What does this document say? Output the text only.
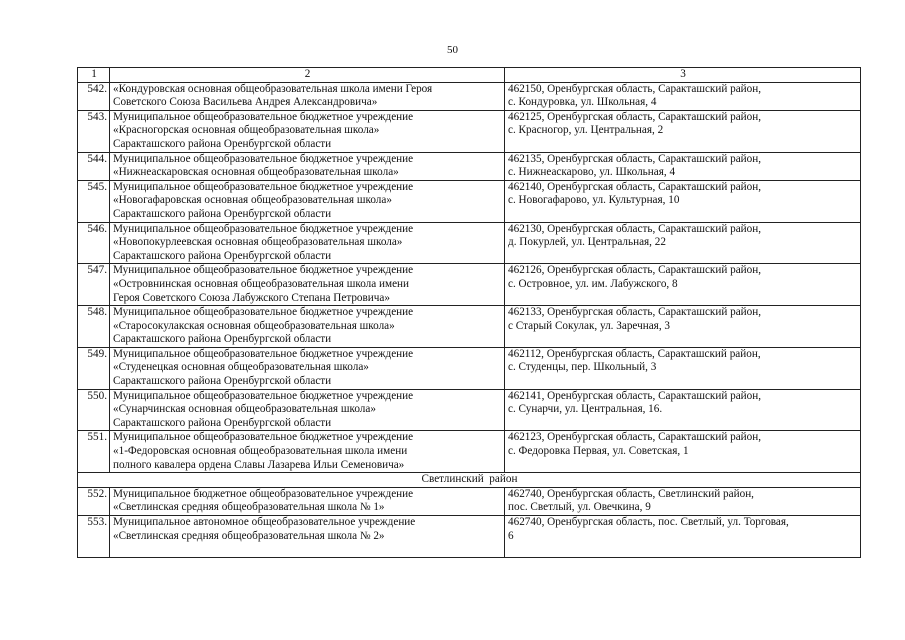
50
1	2	3
542.	«Кондуровская основная общеобразовательная школа имени Героя
Советского Союза Васильева Андрея Александровича»	462150, Оренбургская область, Саракташский район,
с. Кондуровка, ул. Школьная, 4

543.	Муниципальное общеобразовательное бюджетное учреждение
«Красногорская основная общеобразовательная школа»
Саракташского района Оренбургской области	462125, Оренбургская область, Саракташский район,
с. Красногор, ул. Центральная, 2

544.	Муниципальное общеобразовательное бюджетное учреждение
«Нижнеаскаровская основная общеобразовательная школа»	462135, Оренбургская область, Саракташский район,
с. Нижнеаскарово, ул. Школьная, 4

545.	Муниципальное общеобразовательное бюджетное учреждение
«Новогафаровская основная общеобразовательная школа»
Саракташского района Оренбургской области	462140, Оренбургская область, Саракташский район,
с. Новогафарово, ул. Культурная, 10

546.	Муниципальное общеобразовательное бюджетное учреждение
«Новопокурлеевская основная общеобразовательная школа»
Саракташского района Оренбургской области	462130, Оренбургская область, Саракташский район,
д. Покурлей, ул. Центральная, 22

547.	Муниципальное общеобразовательное бюджетное учреждение
«Островнинская основная общеобразовательная школа имени
Героя Советского Союза Лабужского Степана Петровича»	462126, Оренбургская область, Саракташский район,
с. Островное, ул. им. Лабужского, 8

548.	Муниципальное общеобразовательное бюджетное учреждение
«Старосокулакская основная общеобразовательная школа»
Саракташского района Оренбургской области	462133, Оренбургская область, Саракташский район,
с Старый Сокулак, ул. Заречная, 3

549.	Муниципальное общеобразовательное бюджетное учреждение
«Студенецкая основная общеобразовательная школа»
Саракташского района Оренбургской области	462112, Оренбургская область, Саракташский район,
с. Студенцы, пер. Школьный, 3

550.	Муниципальное общеобразовательное бюджетное учреждение
«Сунарчинская основная общеобразовательная школа»
Саракташского района Оренбургской области	462141, Оренбургская область, Саракташский район,
с. Сунарчи, ул. Центральная, 16.

551.	Муниципальное общеобразовательное бюджетное учреждение
«1-Федоровская основная общеобразовательная школа имени
полного кавалера ордена Славы Лазарева Ильи Семеновича»	462123, Оренбургская область, Саракташский район,
с. Федоровка Первая, ул. Советская, 1

Светлинский  район		
552.	Муниципальное бюджетное общеобразовательное учреждение
«Светлинская средняя общеобразовательная школа № 1»	462740, Оренбургская область, Светлинский район,
пос. Светлый, ул. Овечкина, 9

553.	Муниципальное автономное общеобразовательное учреждение
«Светлинская средняя общеобразовательная школа № 2»	462740, Оренбургская область, пос. Светлый, ул. Торговая,
6
